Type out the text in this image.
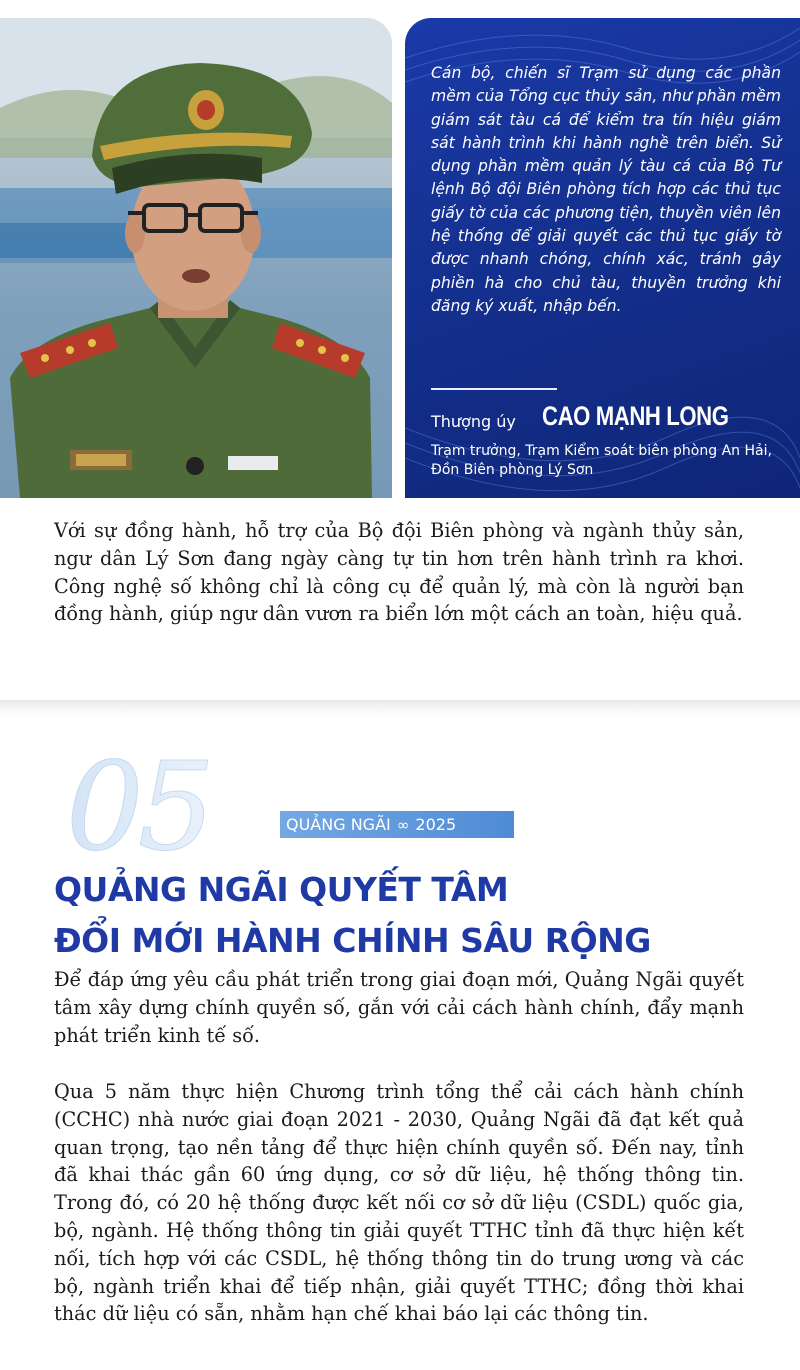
Cán bộ, chiến sĩ Trạm sử dụng các phần mềm của Tổng cục thủy sản, như phần mềm giám sát tàu cá để kiểm tra tín hiệu giám sát hành trình khi hành nghề trên biển. Sử dụng phần mềm quản lý tàu cá của Bộ Tư lệnh Bộ đội Biên phòng tích hợp các thủ tục giấy tờ của các phương tiện, thuyền viên lên hệ thống để giải quyết các thủ tục giấy tờ được nhanh chóng, chính xác, tránh gây phiền hà cho chủ tàu, thuyền trưởng khi đăng ký xuất, nhập bến.

Thượng úy CAO MẠNH LONG

Trạm trưởng, Trạm Kiểm soát biên phòng An Hải, Đồn Biên phòng Lý Sơn

Với sự đồng hành, hỗ trợ của Bộ đội Biên phòng và ngành thủy sản, ngư dân Lý Sơn đang ngày càng tự tin hơn trên hành trình ra khơi. Công nghệ số không chỉ là công cụ để quản lý, mà còn là người bạn đồng hành, giúp ngư dân vươn ra biển lớn một cách an toàn, hiệu quả.

05	QUẢNG NGÃI ∞ 2025
QUẢNG NGÃI QUYẾT TÂM
ĐỔI MỚI HÀNH CHÍNH SÂU RỘNG

Để đáp ứng yêu cầu phát triển trong giai đoạn mới, Quảng Ngãi quyết tâm xây dựng chính quyền số, gắn với cải cách hành chính, đẩy mạnh phát triển kinh tế số.

Qua 5 năm thực hiện Chương trình tổng thể cải cách hành chính (CCHC) nhà nước giai đoạn 2021 - 2030, Quảng Ngãi đã đạt kết quả quan trọng, tạo nền tảng để thực hiện chính quyền số. Đến nay, tỉnh đã khai thác gần 60 ứng dụng, cơ sở dữ liệu, hệ thống thông tin. Trong đó, có 20 hệ thống được kết nối cơ sở dữ liệu (CSDL) quốc gia, bộ, ngành. Hệ thống thông tin giải quyết TTHC tỉnh đã thực hiện kết nối, tích hợp với các CSDL, hệ thống thông tin do trung ương và các bộ, ngành triển khai để tiếp nhận, giải quyết TTHC; đồng thời khai thác dữ liệu có sẵn, nhằm hạn chế khai báo lại các thông tin.
